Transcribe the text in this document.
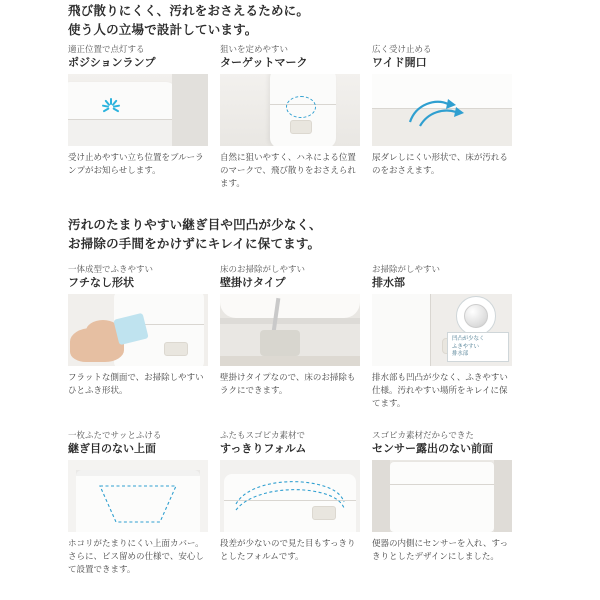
飛び散りにくく、汚れをおさえるために。
使う人の立場で設計しています。
適正位置で点灯する
ポジションランプ
受け止めやすい立ち位置をブルーランプがお知らせします。
狙いを定めやすい
ターゲットマーク
自然に狙いやすく、ハネによる位置のマークで、飛び散りをおさえられます。
広く受け止める
ワイド開口
尿ダレしにくい形状で、床が汚れるのをおさえます。
汚れのたまりやすい継ぎ目や凹凸が少なく、
お掃除の手間をかけずにキレイに保てます。
一体成型でふきやすい
フチなし形状
フラットな側面で、お掃除しやすいひとふき形状。
床のお掃除がしやすい
壁掛けタイプ
壁掛けタイプなので、床のお掃除もラクにできます。
お掃除がしやすい
排水部
凹凸が少なく
ふきやすい
排水部
排水部も凹凸が少なく、ふきやすい仕様。汚れやすい場所をキレイに保てます。
一枚ふたでサッとふける
継ぎ目のない上面
ホコリがたまりにくい上面カバー。さらに、ビス留めの仕様で、安心して設置できます。
ふたもスゴピカ素材で
すっきりフォルム
段差が少ないので見た目もすっきりとしたフォルムです。
スゴピカ素材だからできた
センサー露出のない前面
便器の内側にセンサーを入れ、すっきりとしたデザインにしました。
